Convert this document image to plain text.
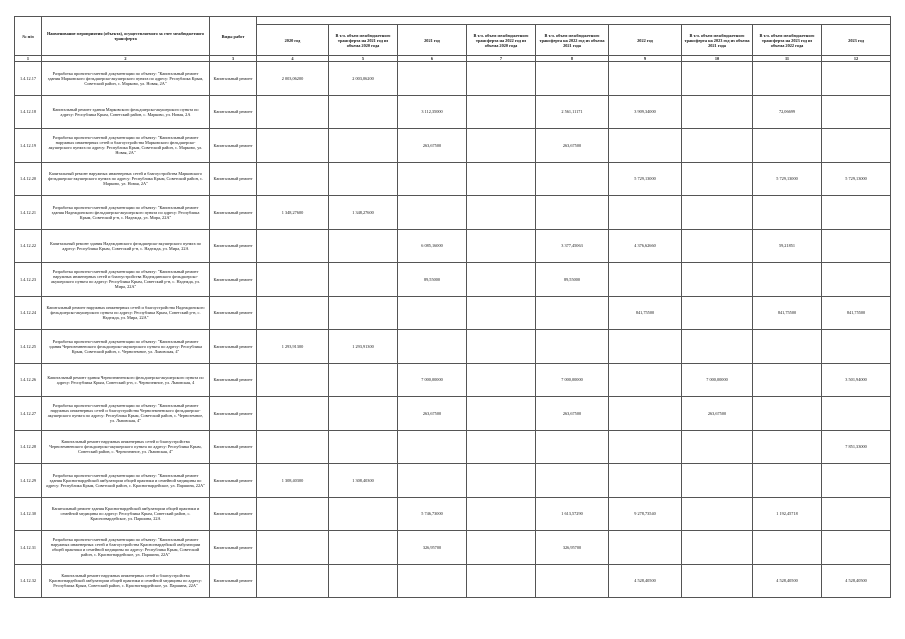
№ п/п	Наименование мероприятия (объекта), осуществляемого за счет межбюджетного трансферта	Виды работ									
			2020 год	В т.ч. объем межбюджетного трансферта на 2021 год из объема 2020 года	2021 год	В т.ч. объем межбюджетного трансферта на 2022 год из объема 2020 года	В т.ч. объем межбюджетного трансферта на 2022 год из объема 2021 года	2022 год	В т.ч. объем межбюджетного трансферта на 2023 год из объема 2021 года	В т.ч. объем межбюджетного трансферта на 2023 год из объема 2022 года	2023 год
1	2	3	4	5	6	7	8	9	10	11	12
1.4.12.17	Разработка проектно-сметной документации по объекту: "Капитальный ремонт здания Марковского фельдшерско-акушерского пункта по адресу: Республика Крым, Советский район, с. Марково, ул. Новая, 2А"	Капитальный ремонт	2 003,06200	2 003,06200							
1.4.12.18	Капитальный ремонт здания Марковского фельдшерско-акушерского пункта по адресу: Республика Крым, Советский район, с. Марково, ул. Новая, 2А	Капитальный ремонт			3 112,35000		2 561,11171	3 909,34000		72,06699	
1.4.12.19	Разработка проектно-сметной документации по объекту: "Капитальный ремонт наружных инженерных сетей и благоустройства Марковского фельдшерско-акушерского пункта по адресу: Республика Крым, Советский район, с. Марково, ул. Новая, 2А"	Капитальный ремонт			263,67500		263,67500				
1.4.12.20	Капитальный ремонт наружных инженерных сетей и благоустройства Марковского фельдшерско-акушерского пункта по адресу: Республика Крым, Советский район, с. Марково, ул. Новая, 2А"	Капитальный ремонт						5 729,13000		5 729,13000	5 729,13000
1.4.12.21	Разработка проектно-сметной документации по объекту: "Капитальный ремонт здания Надеждинского фельдшерско-акушерского пункта по адресу: Республика Крым, Советский р-н, с. Надежда, ул. Мира, 22А"	Капитальный ремонт	1 348,27600	1 348,27600							
1.4.12.22	Капитальный ремонт здания Надеждинского фельдшерско-акушерского пункта по адресу: Республика Крым, Советский р-н, с. Надежда, ул. Мира, 22А	Капитальный ремонт			6 085,16000		3 377,45063	4 376,62660		59,21851	
1.4.12.23	Разработка проектно-сметной документации по объекту: "Капитальный ремонт наружных инженерных сетей и благоустройства Надеждинского фельдшерско-акушерского пункта по адресу: Республика Крым, Советский р-н, с. Надежда, ул. Мира, 22А"	Капитальный ремонт			89,55000		89,55000				
1.4.12.24	Капитальный ремонт наружных инженерных сетей и благоустройства Надеждинского фельдшерско-акушерского пункта по адресу: Республика Крым, Советский р-н, с. Надежда, ул. Мира, 22А"	Капитальный ремонт						841,75500		841,75500	841,75500
1.4.12.25	Разработка проектно-сметной документации по объекту: "Капитальный ремонт здания Черноземненского фельдшерско-акушерского пункта по адресу: Республика Крым, Советский район, с. Черноземное, ул. Львовская, 4"	Капитальный ремонт	1 293,91300	1 293,91300							
1.4.12.26	Капитальный ремонт здания Черноземненского фельдшерско-акушерского пункта по адресу: Республика Крым, Советский р-н, с. Черноземное, ул. Львовская, 4	Капитальный ремонт			7 000,00000		7 000,00000		7 000,00000		3 501,94000
1.4.12.27	Разработка проектно-сметной документации по объекту: "Капитальный ремонт наружных инженерных сетей и благоустройства Черноземненского фельдшерско-акушерского пункта по адресу: Республика Крым, Советский район, с. Черноземное, ул. Львовская, 4"	Капитальный ремонт			263,67500		263,67500		263,67500		
1.4.12.28	Капитальный ремонт наружных инженерных сетей и благоустройства Черноземненского фельдшерско-акушерского пункта по адресу: Республика Крым, Советский район, с. Черноземное, ул. Львовская, 4"	Капитальный ремонт									7 851,33000
1.4.12.29	Разработка проектно-сметной документации по объекту: "Капитальный ремонт здания Красногвардейской амбулатории общей практики и семейной медицины по адресу: Республика Крым, Советский район, с. Красногвардейское, ул. Паршина, 22А"	Капитальный ремонт	1 308,40300	1 308,40300							
1.4.12.30	Капитальный ремонт здания Красногвардейской амбулатории общей практики и семейной медицины по адресу: Республика Крым, Советский район, с. Красногвардейское, ул. Паршина, 22А	Капитальный ремонт			5 746,73000		1 613,57290	9 278,73540		1 192,45718	
1.4.12.31	Разработка проектно-сметной документации по объекту: "Капитальный ремонт наружных инженерных сетей и благоустройства Красногвардейской амбулатории общей практики и семейной медицины по адресу: Республика Крым, Советский район, с. Красногвардейское, ул. Паршина, 22А"	Капитальный ремонт			326,95700		326,95700				
1.4.12.32	Капитальный ремонт наружных инженерных сетей и благоустройства Красногвардейской амбулатории общей практики и семейной медицины по адресу: Республика Крым, Советский район, с. Красногвардейское, ул. Паршина, 22А"	Капитальный ремонт						4 528,40500		4 528,40500	4 528,40500
